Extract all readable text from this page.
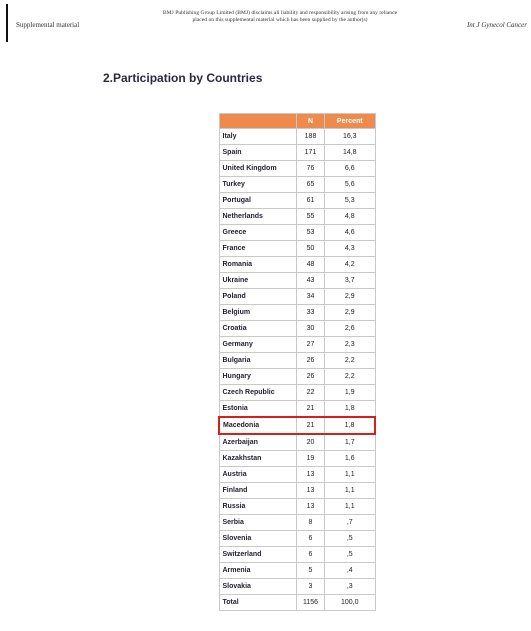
Supplemental material
BMJ Publishing Group Limited (BMJ) disclaims all liability and responsibility arising from any reliance
placed on this supplemental material which has been supplied by the author(s)
Int J Gynecol Cancer
2.Participation by Countries
	N	Percent
Italy	188	16,3
Spain	171	14,8
United Kingdom	76	6,6
Turkey	65	5,6
Portugal	61	5,3
Netherlands	55	4,8
Greece	53	4,6
France	50	4,3
Romania	48	4,2
Ukraine	43	3,7
Poland	34	2,9
Belgium	33	2,9
Croatia	30	2,6
Germany	27	2,3
Bulgaria	26	2,2
Hungary	26	2,2
Czech Republic	22	1,9
Estonia	21	1,8
Macedonia	21	1,8
Azerbaijan	20	1,7
Kazakhstan	19	1,6
Austria	13	1,1
Finland	13	1,1
Russia	13	1,1
Serbia	8	,7
Slovenia	6	,5
Switzerland	6	,5
Armenia	5	,4
Slovakia	3	,3
Total	1156	100,0
